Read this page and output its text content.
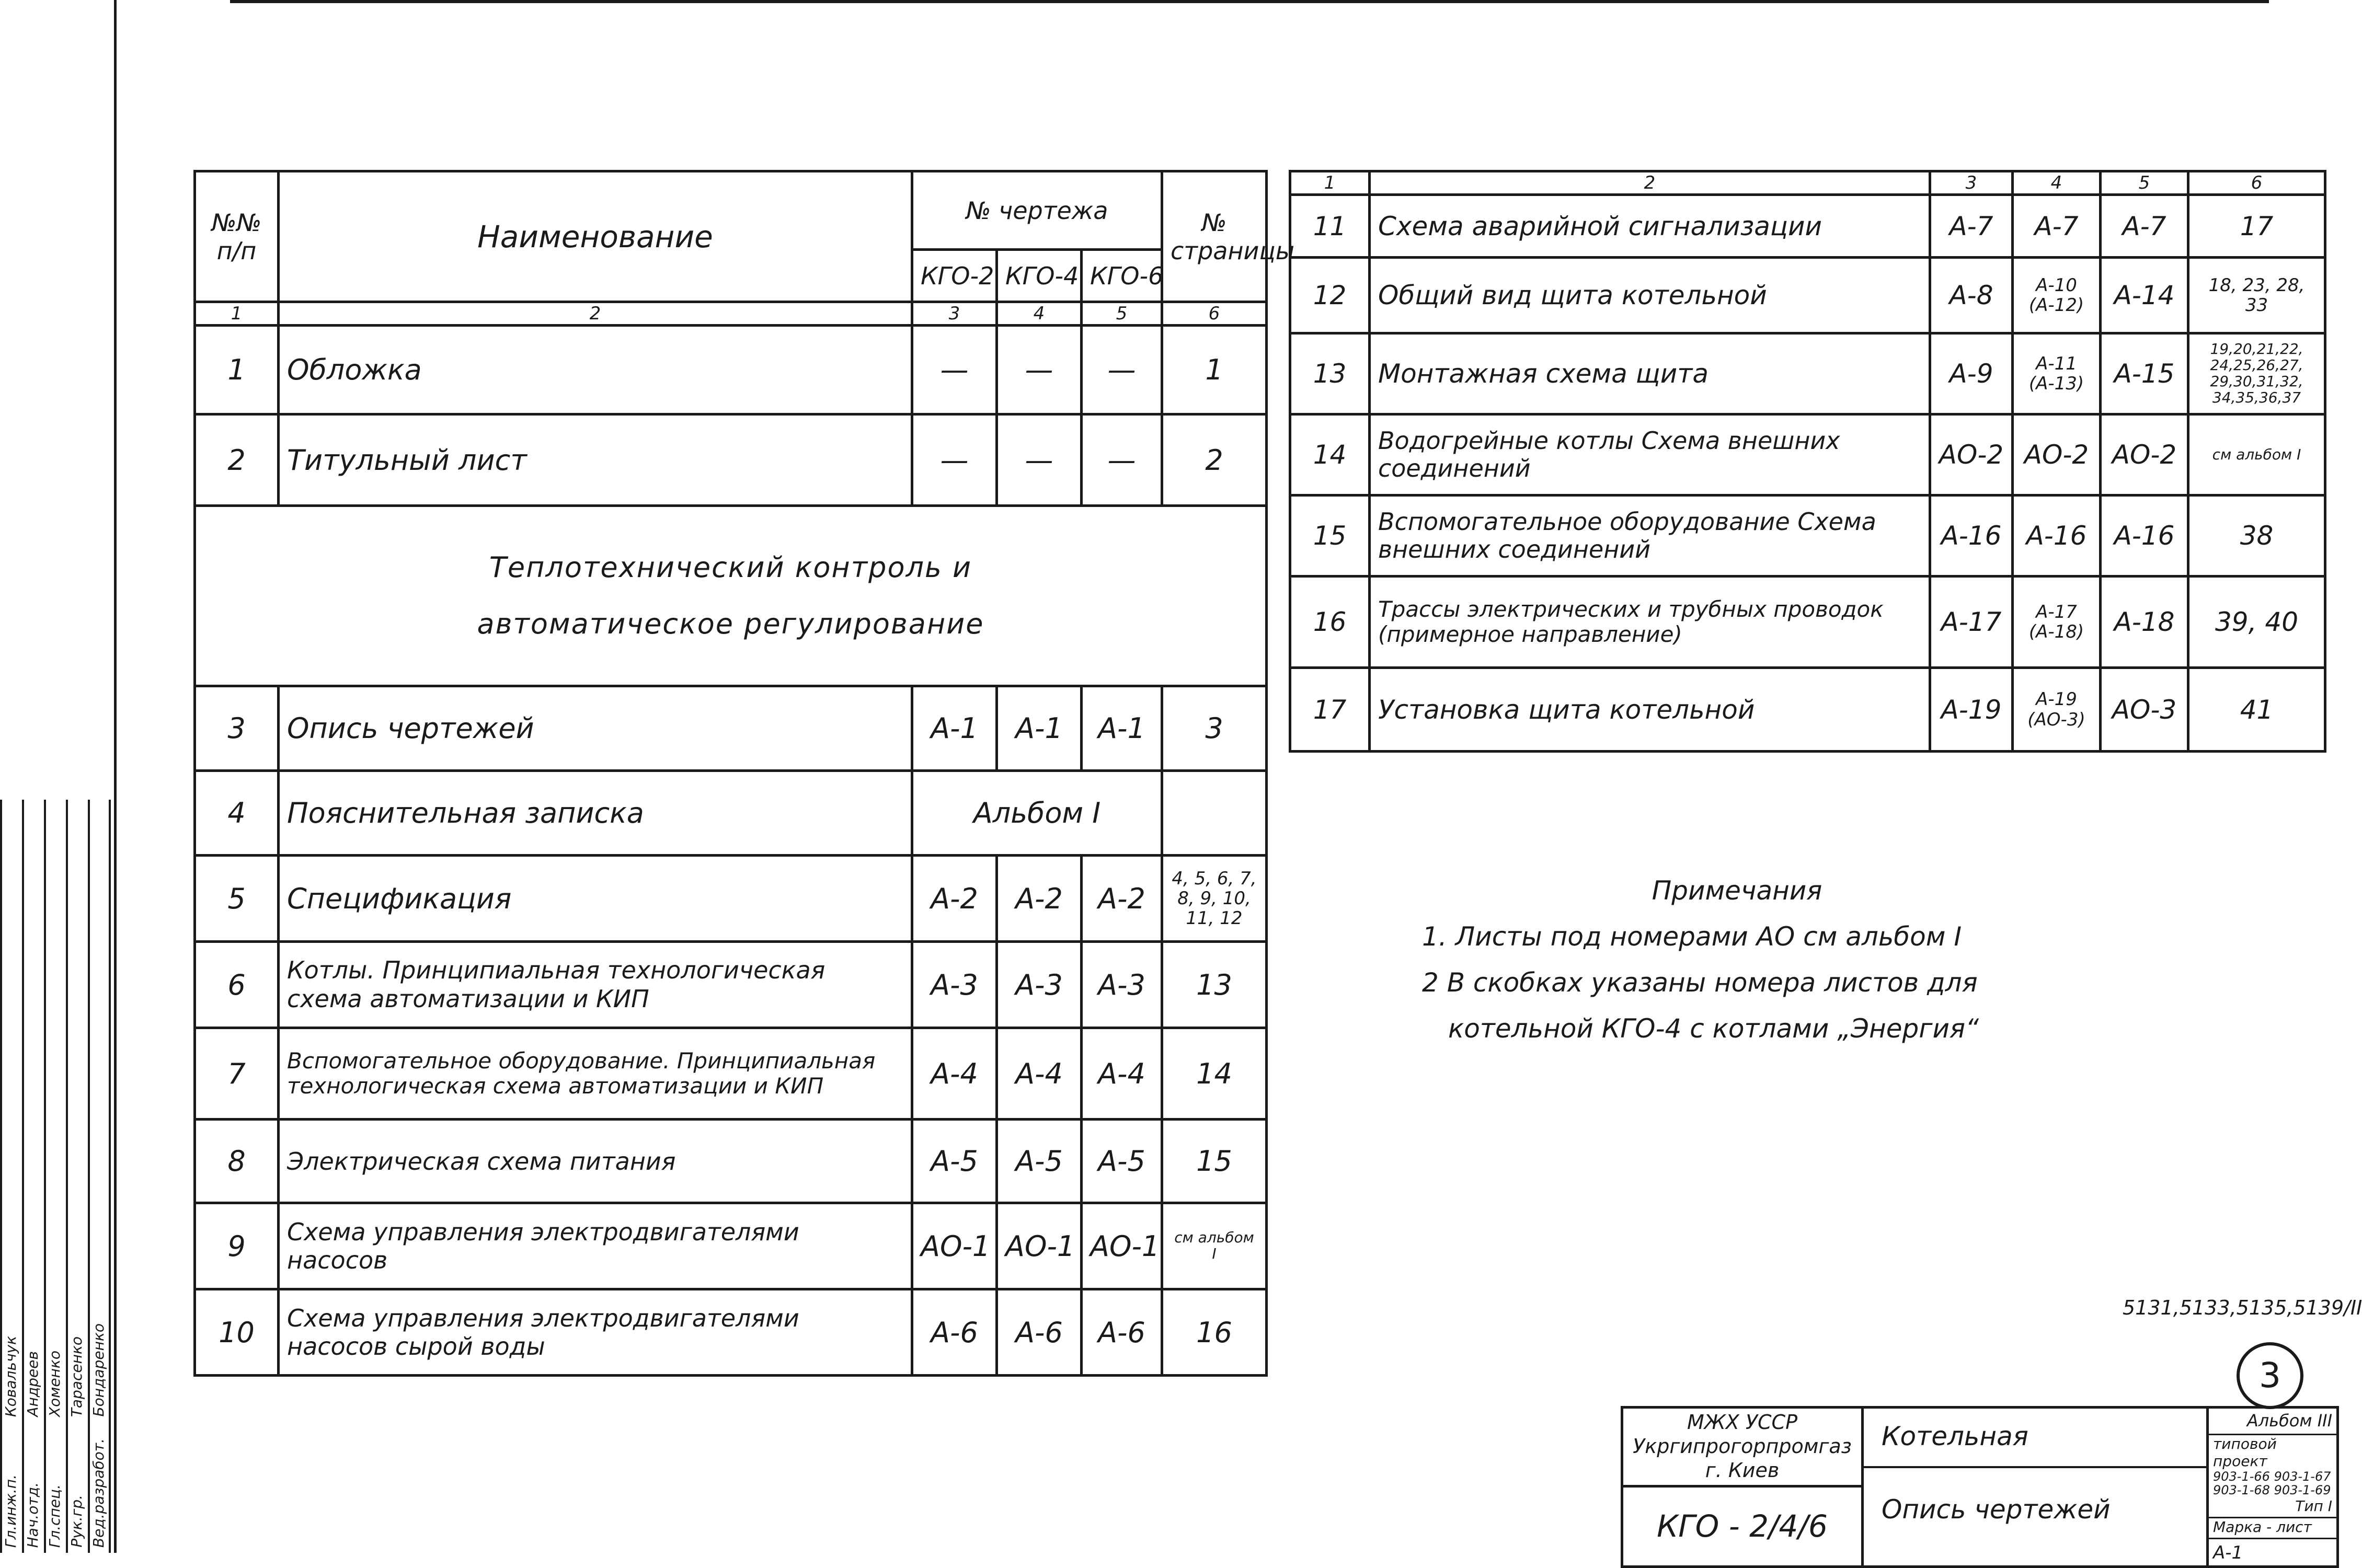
№№ п/п	Наименование	№ чертежа			№ страницы
		КГО-2	КГО-4	КГО-6	
1	2	3	4	5	6
1	Обложка	—	—	—	1
2	Титульный лист	—	—	—	2
Теплотехнический контроль и
автоматическое регулирование					
3	Опись чертежей	А-1	А-1	А-1	3
4	Пояснительная записка	Альбом I			
5	Спецификация	А-2	А-2	А-2	4, 5, 6, 7, 8, 9, 10, 11, 12
6	Котлы. Принципиальная технологическая схема автоматизации и КИП	А-3	А-3	А-3	13
7	Вспомогательное оборудование. Принципиальная технологическая схема автоматизации и КИП	А-4	А-4	А-4	14
8	Электрическая схема питания	А-5	А-5	А-5	15
9	Схема управления электродвигателями насосов	АО-1	АО-1	АО-1	см альбом I
10	Схема управления электродвигателями насосов сырой воды	А-6	А-6	А-6	16
1	2	3	4	5	6
11	Схема аварийной сигнализации	А-7	А-7	А-7	17
12	Общий вид щита котельной	А-8	А-10 (А-12)	А-14	18, 23, 28, 33
13	Монтажная схема щита	А-9	А-11 (А-13)	А-15	19,20,21,22, 24,25,26,27, 29,30,31,32, 34,35,36,37
14	Водогрейные котлы Схема внешних соединений	АО-2	АО-2	АО-2	см альбом I
15	Вспомогательное оборудование Схема внешних соединений	А-16	А-16	А-16	38
16	Трассы электрических и трубных проводок (примерное направление)	А-17	А-17 (А-18)	А-18	39, 40
17	Установка щита котельной	А-19	А-19 (АО-3)	АО-3	41
Примечания
1. Листы под номерами АО см альбом I
2 В скобках указаны номера листов для
котельной КГО-4 с котлами „Энергия“
5131,5133,5135,5139/II
3
МЖХ УССР
Укргипрогорпромгаз
г. Киев

Котельная
Опись чертежей

Альбом III
типовой проект
903-1-66 903-1-67 903-1-68 903-1-69
Тип I
Марка - лист
А-1

КГО - 2/4/6
Гл.инж.п. Нач.отд. Гл.спец. Рук.гр. Вед.разработ.
Ковальчук Андреев Хоменко Тарасенко Бондаренко
